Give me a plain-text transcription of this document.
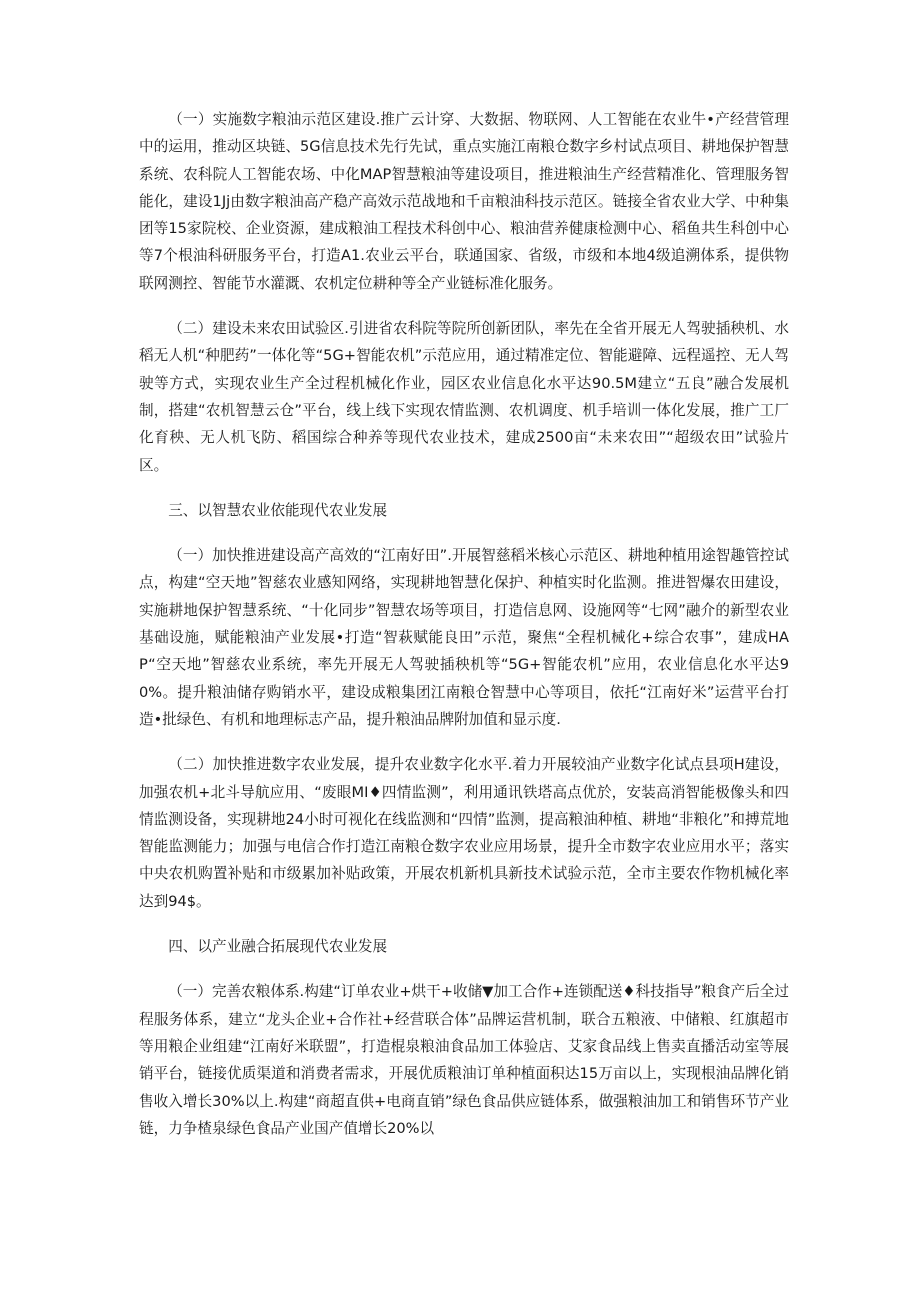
（一）实施数字粮油示范区建设.推广云计穿、大数据、物联网、人工智能在农业牛•产经营管理中的运用，推动区块链、5G信息技术先行先试，重点实施江南粮仓数字乡村试点项目、耕地保护智慧系统、农科院人工智能农场、中化MAP智慧粮油等建设项目，推进粮油生产经营精准化、管理服务智能化，建设1Jj由数字粮油高产稳产高效示范战地和千亩粮油科技示范区。链接全省农业大学、中种集团等15家院校、企业资源，建成粮油工程技术科创中心、粮油营养健康检测中心、稻鱼共生科创中心等7个根油科研服务平台，打造A1.农业云平台，联通国家、省级，市级和本地4级追溯体系，提供物联网测控、智能节水灌溉、农机定位耕种等全产业链标准化服务。

（二）建设未来农田试验区.引进省农科院等院所创新团队，率先在全省开展无人驾驶插秧机、水稻无人机“种肥药”一体化等“5G+智能农机”示范应用，通过精准定位、智能避障、远程遥控、无人驾驶等方式，实现农业生产全过程机械化作业，园区农业信息化水平达90.5M建立“五良”融合发展机制，搭建“农机智慧云仓”平台，线上线下实现农情监测、农机调度、机手培训一体化发展，推广工厂化育秧、无人机飞防、稻国综合种养等现代农业技术，建成2500亩“未来农田”“超级农田”试验片区。

三、以智慧农业依能现代农业发展

（一）加快推进建设高产高效的“江南好田”.开展智慈稻米核心示范区、耕地种植用途智趣管控试点，构建“空天地”智慈农业感知网络，实现耕地智慧化保护、种植实时化监测。推进智爆农田建设，实施耕地保护智慧系统、“十化同步”智慧农场等项目，打造信息网、设施网等“七网”融介的新型农业基础设施，赋能粮油产业发展•打造“智萩赋能良田”示范，聚焦“全程机械化+综合农事”，建成HAP“空天地”智慈农业系统，率先开展无人驾驶插秧机等“5G+智能农机”应用，农业信息化水平达90%。提升粮油储存购销水平，建设成粮集团江南粮仓智慧中心等项目，依托“江南好米”运营平台打造•批绿色、有机和地理标志产品，提升粮油品牌附加值和显示度.

（二）加快推进数字农业发展，提升农业数字化水平.着力开展较油产业数字化试点县项H建设，加强农机+北斗导航应用、“废眼MI♦四情监测”，利用通讯铁塔高点优於，安装高消智能极像头和四情监测设备，实现耕地24小时可视化在线监测和“四情”监测，提高粮油种植、耕地“非粮化”和搏荒地智能监测能力；加强与电信合作打造江南粮仓数字农业应用场景，提升全市数字农业应用水平；落实中央农机购置补贴和市级累加补贴政策，开展农机新机具新技术试验示范，全市主要农作物机械化率达到94$。

四、以产业融合拓展现代农业发展

（一）完善农粮体系.构建“订单农业+烘干+收储▼加工合作+连锁配送♦科技指导”粮食产后全过程服务体系，建立“龙头企业+合作社+经营联合体”品牌运营机制，联合五粮液、中储粮、红旗超市等用粮企业组建“江南好米联盟”，打造棍泉粮油食品加工体验店、艾家食品线上售卖直播活动室等展销平台，链接优质渠道和消费者需求，开展优质粮油订单种植面积达15万亩以上，实现根油品牌化销售收入增长30%以上.构建“商超直供+电商直销”绿色食品供应链体系，做强粮油加工和销售环节产业链，力争楂泉绿色食品产业国产值增长20%以
